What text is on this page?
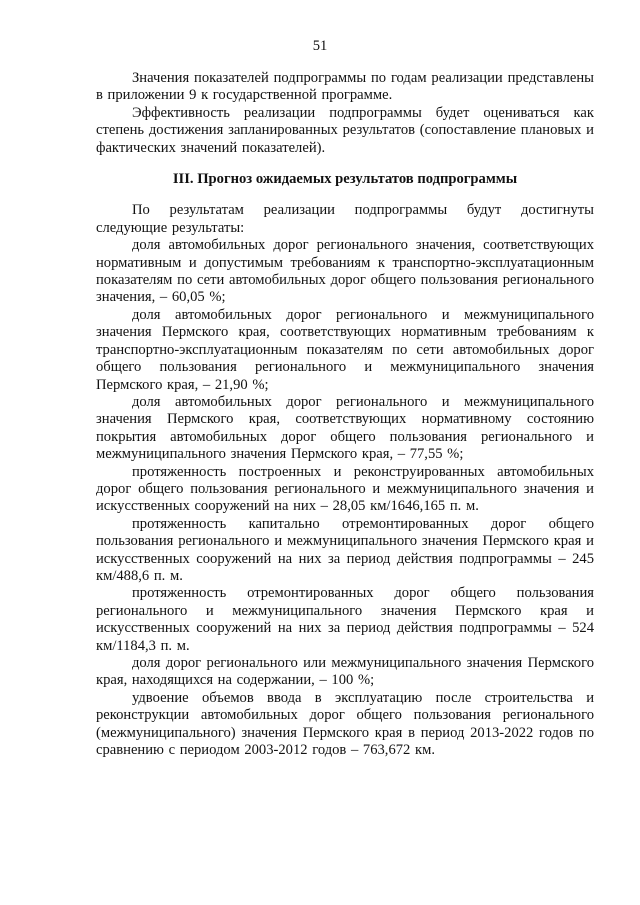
51

Значения показателей подпрограммы по годам реализации представлены в приложении 9 к государственной программе.

Эффективность реализации подпрограммы будет оцениваться как степень достижения запланированных результатов (сопоставление плановых и фактических значений показателей).

III. Прогноз ожидаемых результатов подпрограммы

По результатам реализации подпрограммы будут достигнуты следующие результаты:

доля автомобильных дорог регионального значения, соответствующих нормативным и допустимым требованиям к транспортно-эксплуатационным показателям по сети автомобильных дорог общего пользования регионального значения, – 60,05 %;

доля автомобильных дорог регионального и межмуниципального значения Пермского края, соответствующих нормативным требованиям к транспортно-эксплуатационным показателям по сети автомобильных дорог общего пользования регионального и межмуниципального значения Пермского края, – 21,90 %;

доля автомобильных дорог регионального и межмуниципального значения Пермского края, соответствующих нормативному состоянию покрытия автомобильных дорог общего пользования регионального и межмуниципального значения Пермского края, – 77,55 %;

протяженность построенных и реконструированных автомобильных дорог общего пользования регионального и межмуниципального значения и искусственных сооружений на них – 28,05 км/1646,165 п. м.

протяженность капитально отремонтированных дорог общего пользования регионального и межмуниципального значения Пермского края и искусственных сооружений на них за период действия подпрограммы – 245 км/488,6 п. м.

протяженность отремонтированных дорог общего пользования регионального и межмуниципального значения Пермского края и искусственных сооружений на них за период действия подпрограммы – 524 км/1184,3 п. м.

доля дорог регионального или межмуниципального значения Пермского края, находящихся на содержании, – 100 %;

удвоение объемов ввода в эксплуатацию после строительства и реконструкции автомобильных дорог общего пользования регионального (межмуниципального) значения Пермского края в период 2013-2022 годов по сравнению с периодом 2003-2012 годов – 763,672 км.
